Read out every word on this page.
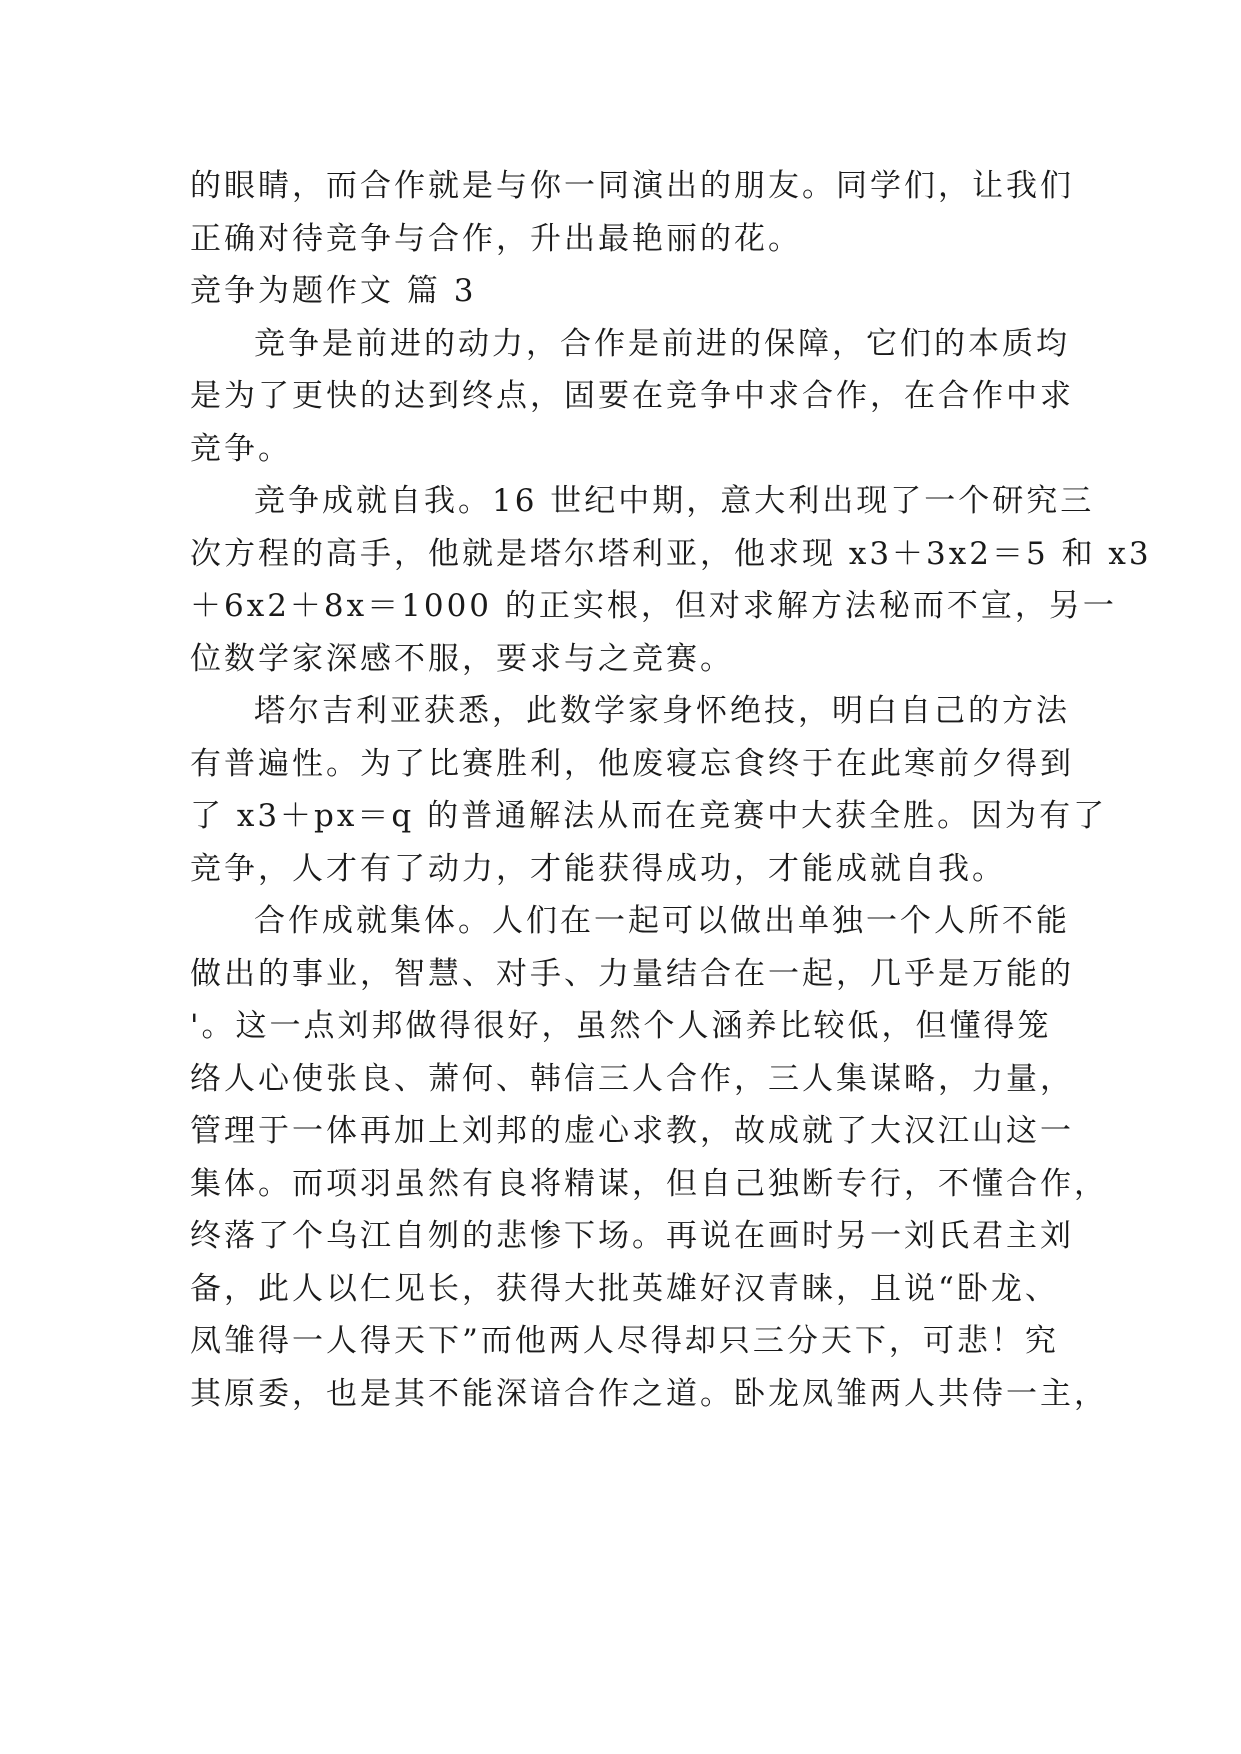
的眼睛，而合作就是与你一同演出的朋友。同学们，让我们
正确对待竞争与合作，升出最艳丽的花。
竞争为题作文 篇 3
竞争是前进的动力，合作是前进的保障，它们的本质均
是为了更快的达到终点，固要在竞争中求合作，在合作中求
竞争。
竞争成就自我。16 世纪中期，意大利出现了一个研究三
次方程的高手，他就是塔尔塔利亚，他求现 x3＋3x2＝5 和 x3
＋6x2＋8x＝1000 的正实根，但对求解方法秘而不宣，另一
位数学家深感不服，要求与之竞赛。
塔尔吉利亚获悉，此数学家身怀绝技，明白自己的方法
有普遍性。为了比赛胜利，他废寝忘食终于在此寒前夕得到
了 x3＋px＝q 的普通解法从而在竞赛中大获全胜。因为有了
竞争，人才有了动力，才能获得成功，才能成就自我。
合作成就集体。人们在一起可以做出单独一个人所不能
做出的事业，智慧、对手、力量结合在一起，几乎是万能的
'。这一点刘邦做得很好，虽然个人涵养比较低，但懂得笼
络人心使张良、萧何、韩信三人合作，三人集谋略，力量，
管理于一体再加上刘邦的虚心求教，故成就了大汉江山这一
集体。而项羽虽然有良将精谋，但自己独断专行，不懂合作，
终落了个乌江自刎的悲惨下场。再说在画时另一刘氏君主刘
备，此人以仁见长，获得大批英雄好汉青睐，且说“卧龙、
凤雏得一人得天下”而他两人尽得却只三分天下，可悲！究
其原委，也是其不能深谙合作之道。卧龙凤雏两人共侍一主，
